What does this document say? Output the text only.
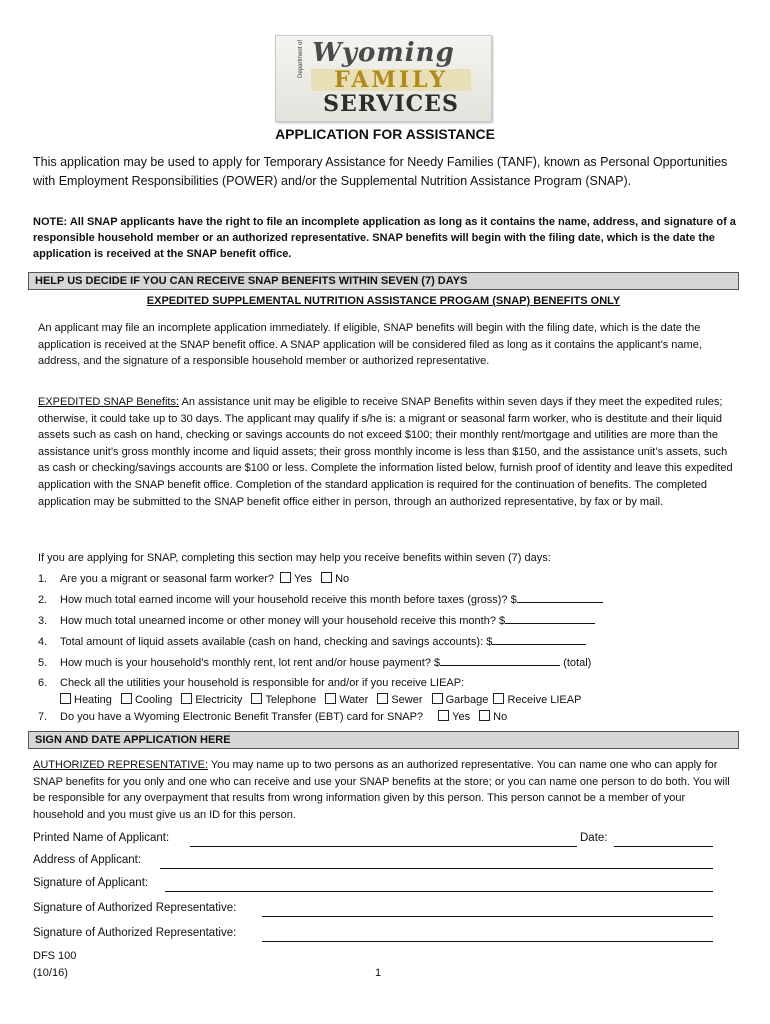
Wyoming
Department of
FAMILY
SERVICES
APPLICATION FOR ASSISTANCE
This application may be used to apply for Temporary Assistance for Needy Families (TANF), known as Personal Opportunities with Employment Responsibilities (POWER) and/or the Supplemental Nutrition Assistance Program (SNAP).
NOTE: All SNAP applicants have the right to file an incomplete application as long as it contains the name, address, and signature of a responsible household member or an authorized representative. SNAP benefits will begin with the filing date, which is the date the application is received at the SNAP benefit office.
HELP US DECIDE IF YOU CAN RECEIVE SNAP BENEFITS WITHIN SEVEN (7) DAYS
EXPEDITED SUPPLEMENTAL NUTRITION ASSISTANCE PROGAM (SNAP) BENEFITS ONLY
An applicant may file an incomplete application immediately. If eligible, SNAP benefits will begin with the filing date, which is the date the application is received at the SNAP benefit office. A SNAP application will be considered filed as long as it contains the applicant’s name, address, and the signature of a responsible household member or authorized representative.
EXPEDITED SNAP Benefits: An assistance unit may be eligible to receive SNAP Benefits within seven days if they meet the expedited rules; otherwise, it could take up to 30 days. The applicant may qualify if s/he is: a migrant or seasonal farm worker, who is destitute and their liquid assets such as cash on hand, checking or savings accounts do not exceed $100; their monthly rent/mortgage and utilities are more than the assistance unit’s gross monthly income and liquid assets; their gross monthly income is less than $150, and the assistance unit’s assets, such as cash or checking/savings accounts are $100 or less. Complete the information listed below, furnish proof of identity and leave this expedited application with the SNAP benefit office. Completion of the standard application is required for the continuation of benefits. The completed application may be submitted to the SNAP benefit office either in person, through an authorized representative, by fax or by mail.
If you are applying for SNAP, completing this section may help you receive benefits within seven (7) days:
1. Are you a migrant or seasonal farm worker? Yes No
2. How much total earned income will your household receive this month before taxes (gross)? $
3. How much total unearned income or other money will your household receive this month? $
4. Total amount of liquid assets available (cash on hand, checking and savings accounts): $
5. How much is your household’s monthly rent, lot rent and/or house payment? $	(total)
6. Check all the utilities your household is responsible for and/or if you receive LIEAP:
Heating Cooling Electricity Telephone Water Sewer Garbage Receive LIEAP
7. Do you have a Wyoming Electronic Benefit Transfer (EBT) card for SNAP?	Yes No
SIGN AND DATE APPLICATION HERE
AUTHORIZED REPRESENTATIVE: You may name up to two persons as an authorized representative. You can name one who can apply for SNAP benefits for you only and one who can receive and use your SNAP benefits at the store; or you can name one person to do both. You will be responsible for any overpayment that results from wrong information given by this person. This person cannot be a member of your household and you must give us an ID for this person.
Printed Name of Applicant:	Date:
Address of Applicant:
Signature of Applicant:
Signature of Authorized Representative:
Signature of Authorized Representative:
DFS 100
(10/16)	1
